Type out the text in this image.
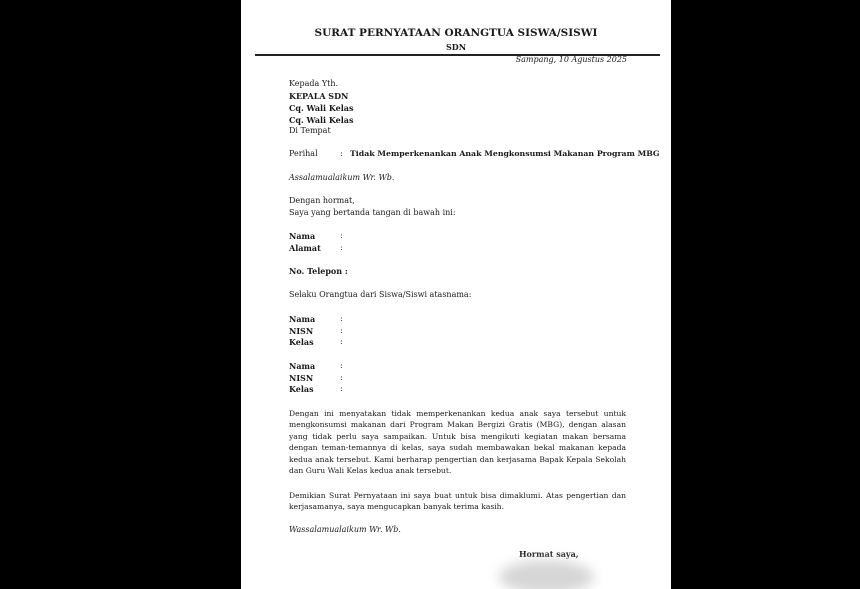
SURAT PERNYATAAN ORANGTUA SISWA/SISWI
SDN
Sampang, 10 Agustus 2025
Kepada Yth.
KEPALA SDN
Cq. Wali Kelas
Cq. Wali Kelas
Di Tempat
Perihal	: Tidak Memperkenankan Anak Mengkonsumsi Makanan Program MBG
Assalamualaikum Wr. Wb.
Dengan hormat,
Saya yang bertanda tangan di bawah ini:
Nama	:
Alamat :
No. Telepon :
Selaku Orangtua dari Siswa/Siswi atasnama:
Nama	:
NISN	:
Kelas	:
Nama	:
NISN	:
Kelas	:
Dengan ini menyatakan tidak memperkenankan kedua anak saya tersebut untuk mengkonsumsi makanan dari Program Makan Bergizi Gratis (MBG), dengan alasan yang tidak perlu saya sampaikan. Untuk bisa mengikuti kegiatan makan bersama dengan teman-temannya di kelas, saya sudah membawakan bekal makanan kepada kedua anak tersebut. Kami berharap pengertian dan kerjasama Bapak Kepala Sekolah dan Guru Wali Kelas kedua anak tersebut.
Demikian Surat Pernyataan ini saya buat untuk bisa dimaklumi. Atas pengertian dan kerjasamanya, saya mengucapkan banyak terima kasih.
Wassalamualaikum Wr. Wb.
Hormat saya,
